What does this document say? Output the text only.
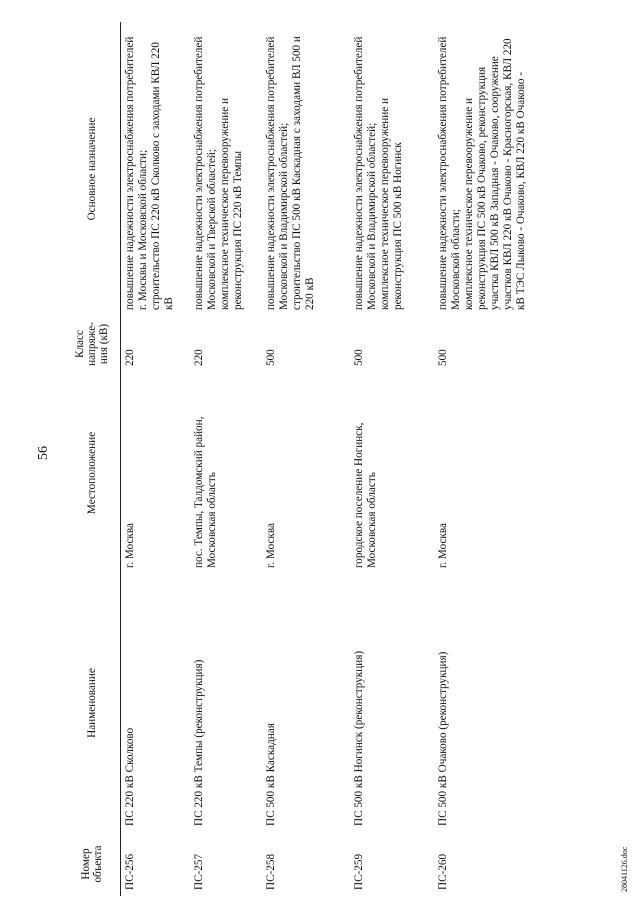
56
Номер объекта	Наименование	Местоположение	Класс напряже-ния (кВ)	Основное назначение
ПС-256	ПС 220 кВ Сколково	г. Москва	220	повышение надежности электроснабжения потребителей г. Москвы и Московской области; строительство ПС 220 кВ Сколково с заходами КВЛ 220 кВ

ПС-257	ПС 220 кВ Темпы (реконструкция)	пос. Темпы, Талдомский район, Московская область	220	повышение надежности электроснабжения потребителей Московской и Тверской областей; комплексное техническое перевооружение и реконструкция ПС 220 кВ Темпы

ПС-258	ПС 500 кВ Каскадная	г. Москва	500	повышение надежности электроснабжения потребителей Московской и Владимирской областей; строительство ПС 500 кВ Каскадная с заходами ВЛ 500 и 220 кВ

ПС-259	ПС 500 кВ Ногинск (реконструкция)	городское поселение Ногинск, Московская область	500	повышение надежности электроснабжения потребителей Московской и Владимирской областей; комплексное техническое перевооружение и реконструкция ПС 500 кВ Ногинск

ПС-260	ПС 500 кВ Очаково (реконструкция)	г. Москва	500	повышение надежности электроснабжения потребителей Московской области; комплексное техническое перевооружение и реконструкция ПС 500 кВ Очаково, реконструкция участка КВЛ 500 кВ Западная - Очаково, сооружение участков КВЛ 220 кВ Очаково - Красногорская, КВЛ 220 кВ ТЭС Лыково - Очаково, КВЛ 220 кВ Очаково -
28041126.doc
